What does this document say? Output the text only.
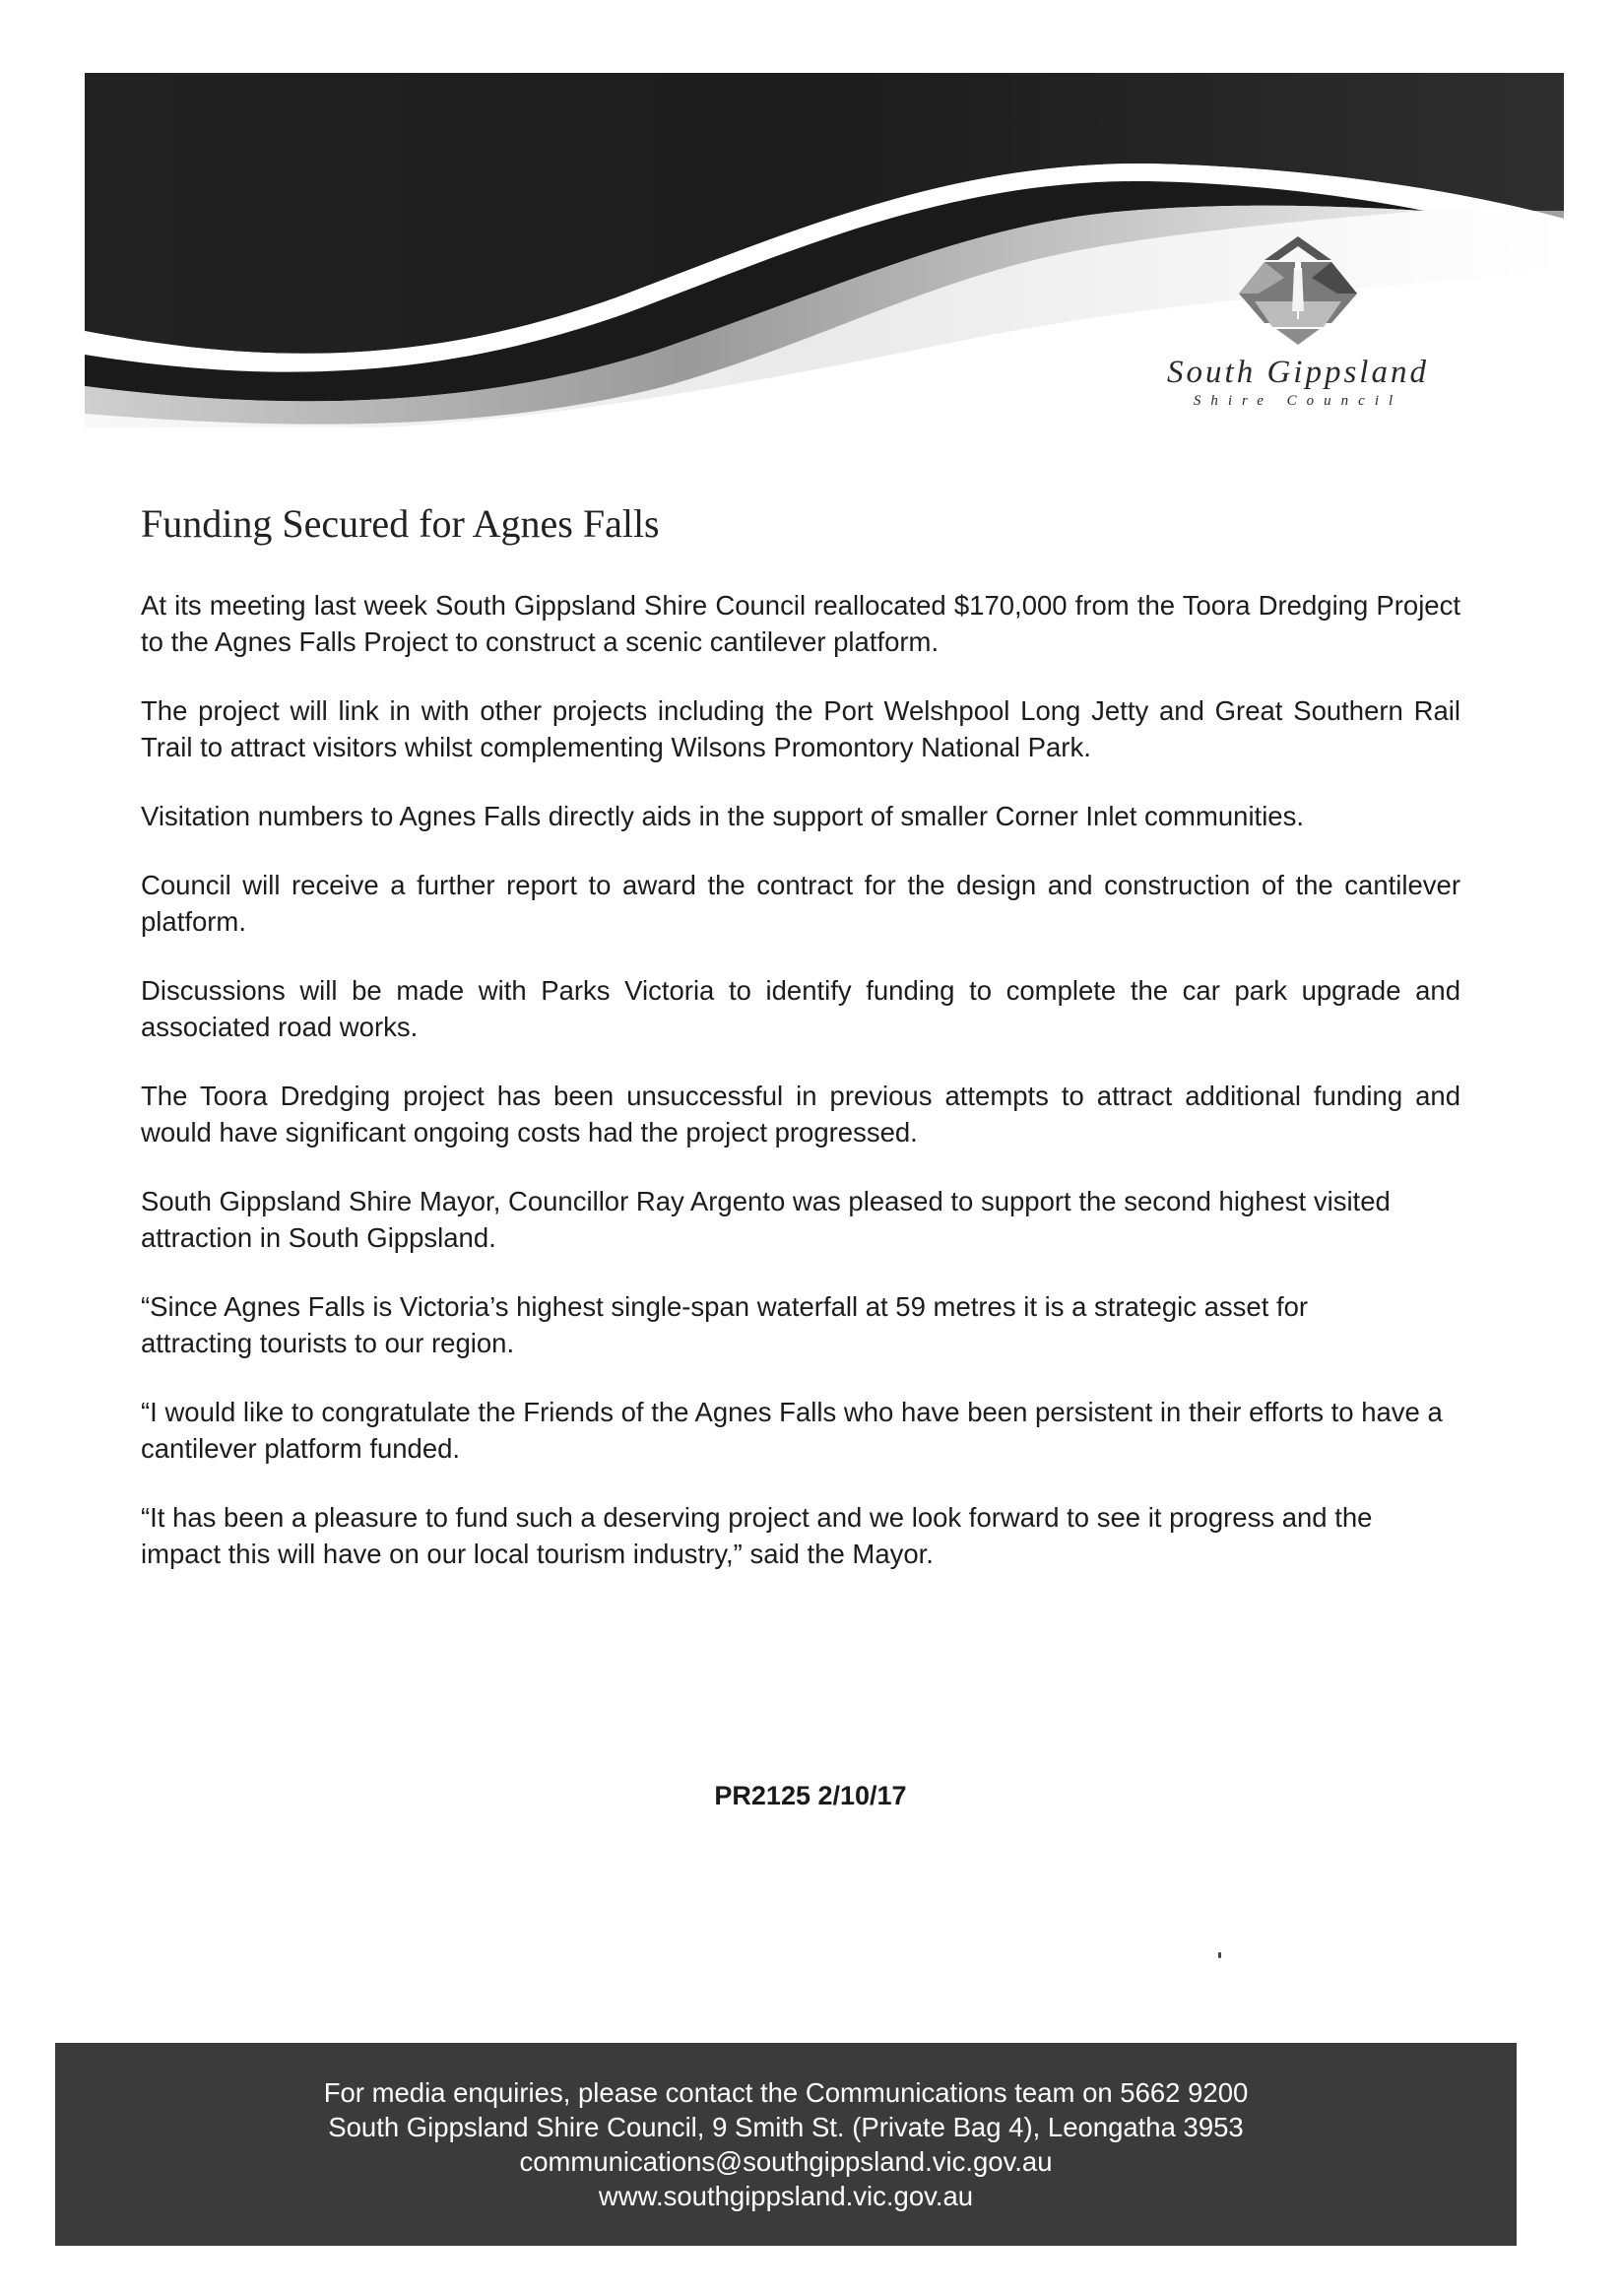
South Gippsland
Shire Council
Funding Secured for Agnes Falls

At its meeting last week South Gippsland Shire Council reallocated $170,000 from the Toora Dredging Project to the Agnes Falls Project to construct a scenic cantilever platform.

The project will link in with other projects including the Port Welshpool Long Jetty and Great Southern Rail Trail to attract visitors whilst complementing Wilsons Promontory National Park.

Visitation numbers to Agnes Falls directly aids in the support of smaller Corner Inlet communities.

Council will receive a further report to award the contract for the design and construction of the cantilever platform.

Discussions will be made with Parks Victoria to identify funding to complete the car park upgrade and associated road works.

The Toora Dredging project has been unsuccessful in previous attempts to attract additional funding and would have significant ongoing costs had the project progressed.

South Gippsland Shire Mayor, Councillor Ray Argento was pleased to support the second highest visited attraction in South Gippsland.

“Since Agnes Falls is Victoria’s highest single-span waterfall at 59 metres it is a strategic asset for attracting tourists to our region.

“I would like to congratulate the Friends of the Agnes Falls who have been persistent in their efforts to have a cantilever platform funded.

“It has been a pleasure to fund such a deserving project and we look forward to see it progress and the impact this will have on our local tourism industry,” said the Mayor.

PR2125 2/10/17
For media enquiries, please contact the Communications team on 5662 9200
South Gippsland Shire Council, 9 Smith St. (Private Bag 4), Leongatha 3953
communications@southgippsland.vic.gov.au
www.southgippsland.vic.gov.au
